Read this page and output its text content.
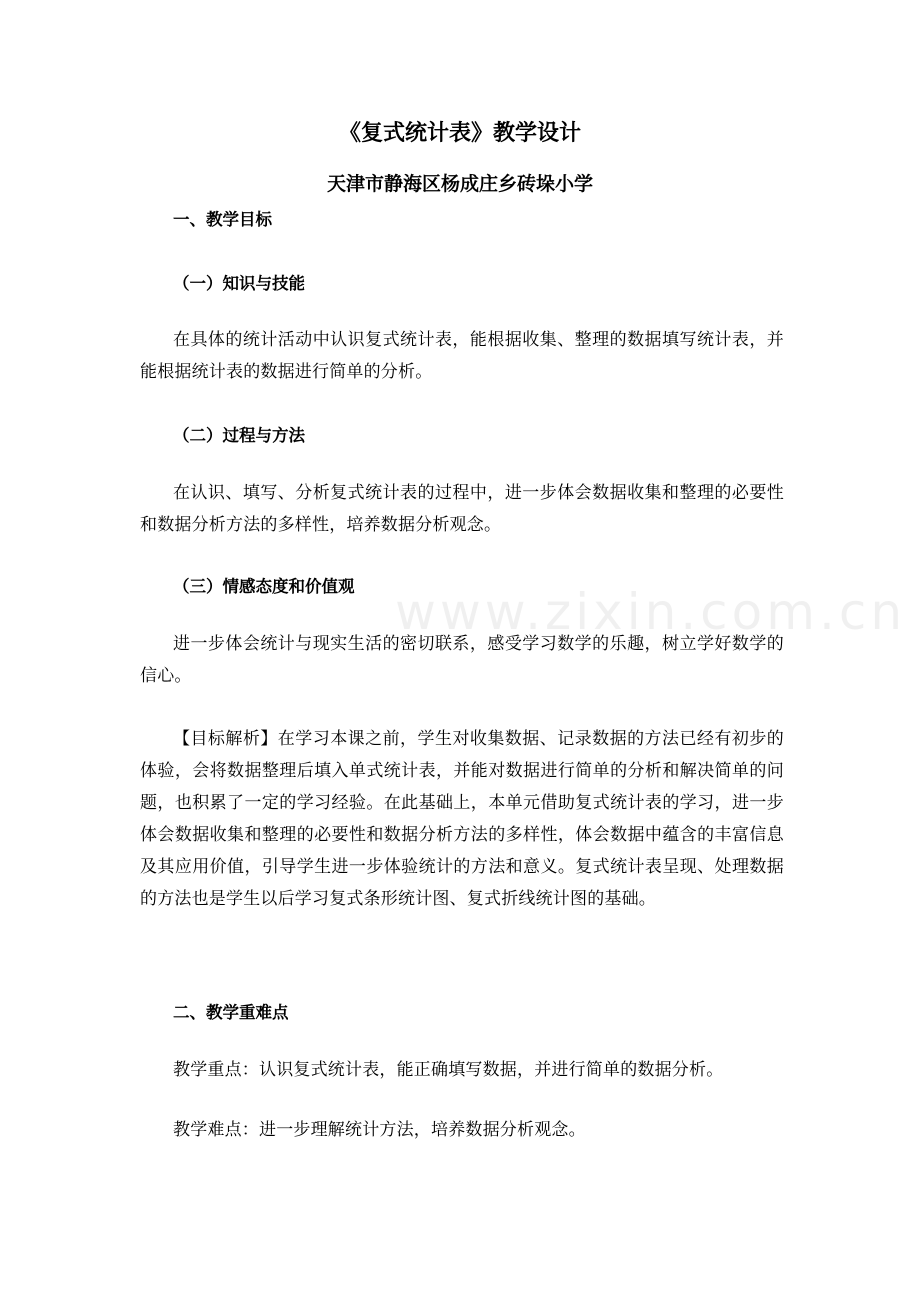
www.zixin.com.cn
《复式统计表》教学设计
天津市静海区杨成庄乡砖垛小学
一、教学目标
（一）知识与技能

在具体的统计活动中认识复式统计表，能根据收集、整理的数据填写统计表，并能根据统计表的数据进行简单的分析。

（二）过程与方法

在认识、填写、分析复式统计表的过程中，进一步体会数据收集和整理的必要性和数据分析方法的多样性，培养数据分析观念。

（三）情感态度和价值观

进一步体会统计与现实生活的密切联系，感受学习数学的乐趣，树立学好数学的信心。

【目标解析】在学习本课之前，学生对收集数据、记录数据的方法已经有初步的体验，会将数据整理后填入单式统计表，并能对数据进行简单的分析和解决简单的问题，也积累了一定的学习经验。在此基础上，本单元借助复式统计表的学习，进一步体会数据收集和整理的必要性和数据分析方法的多样性，体会数据中蕴含的丰富信息及其应用价值，引导学生进一步体验统计的方法和意义。复式统计表呈现、处理数据的方法也是学生以后学习复式条形统计图、复式折线统计图的基础。

二、教学重难点

教学重点：认识复式统计表，能正确填写数据，并进行简单的数据分析。

教学难点：进一步理解统计方法，培养数据分析观念。
